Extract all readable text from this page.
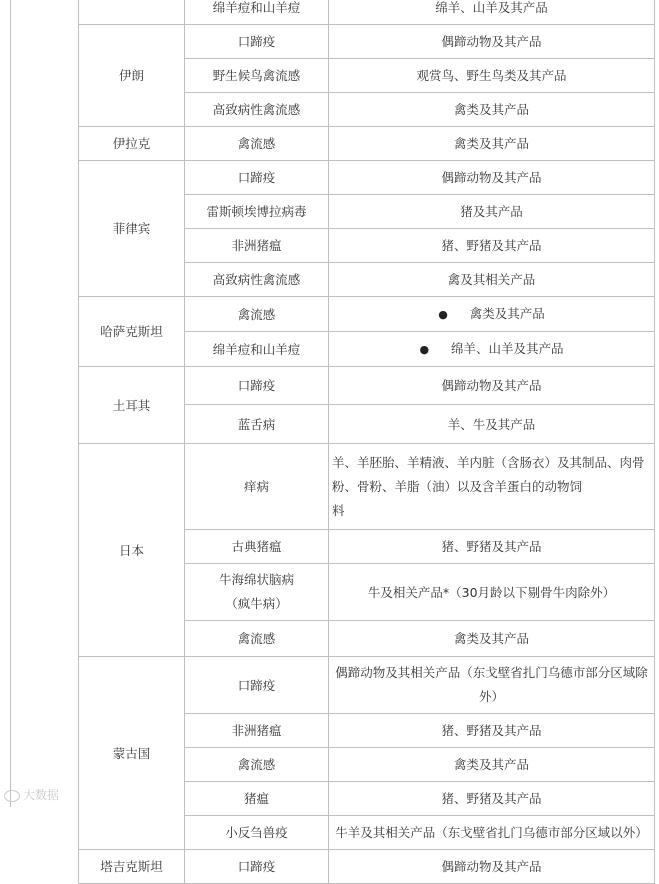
	绵羊痘和山羊痘	绵羊、山羊及其产品
伊朗	口蹄疫	偶蹄动物及其产品
	野生候鸟禽流感	观赏鸟、野生鸟类及其产品
	高致病性禽流感	禽类及其产品
伊拉克	禽流感	禽类及其产品
菲律宾	口蹄疫	偶蹄动物及其产品
	雷斯顿埃博拉病毒	猪及其产品
	非洲猪瘟	猪、野猪及其产品
	高致病性禽流感	禽及其相关产品
哈萨克斯坦	禽流感	● 禽类及其产品
	绵羊痘和山羊痘	● 绵羊、山羊及其产品
土耳其	口蹄疫	偶蹄动物及其产品
	蓝舌病	羊、牛及其产品
日本	痒病	羊、羊胚胎、羊精液、羊内脏（含肠衣）及其制品、肉骨
粉、骨粉、羊脂（油）以及含羊蛋白的动物饲
料

	古典猪瘟	猪、野猪及其产品

	牛海绵状脑病
（疯牛病）	牛及相关产品*（30月龄以下剔骨牛肉除外）
	禽流感	禽类及其产品
蒙古国	口蹄疫	偶蹄动物及其相关产品（东戈壁省扎门乌德市部分区域除
外）

	非洲猪瘟	猪、野猪及其产品
	禽流感	禽类及其产品
	猪瘟	猪、野猪及其产品
	小反刍兽疫	牛羊及其相关产品（东戈壁省扎门乌德市部分区域以外）
塔吉克斯坦	口蹄疫	偶蹄动物及其产品
大数据
